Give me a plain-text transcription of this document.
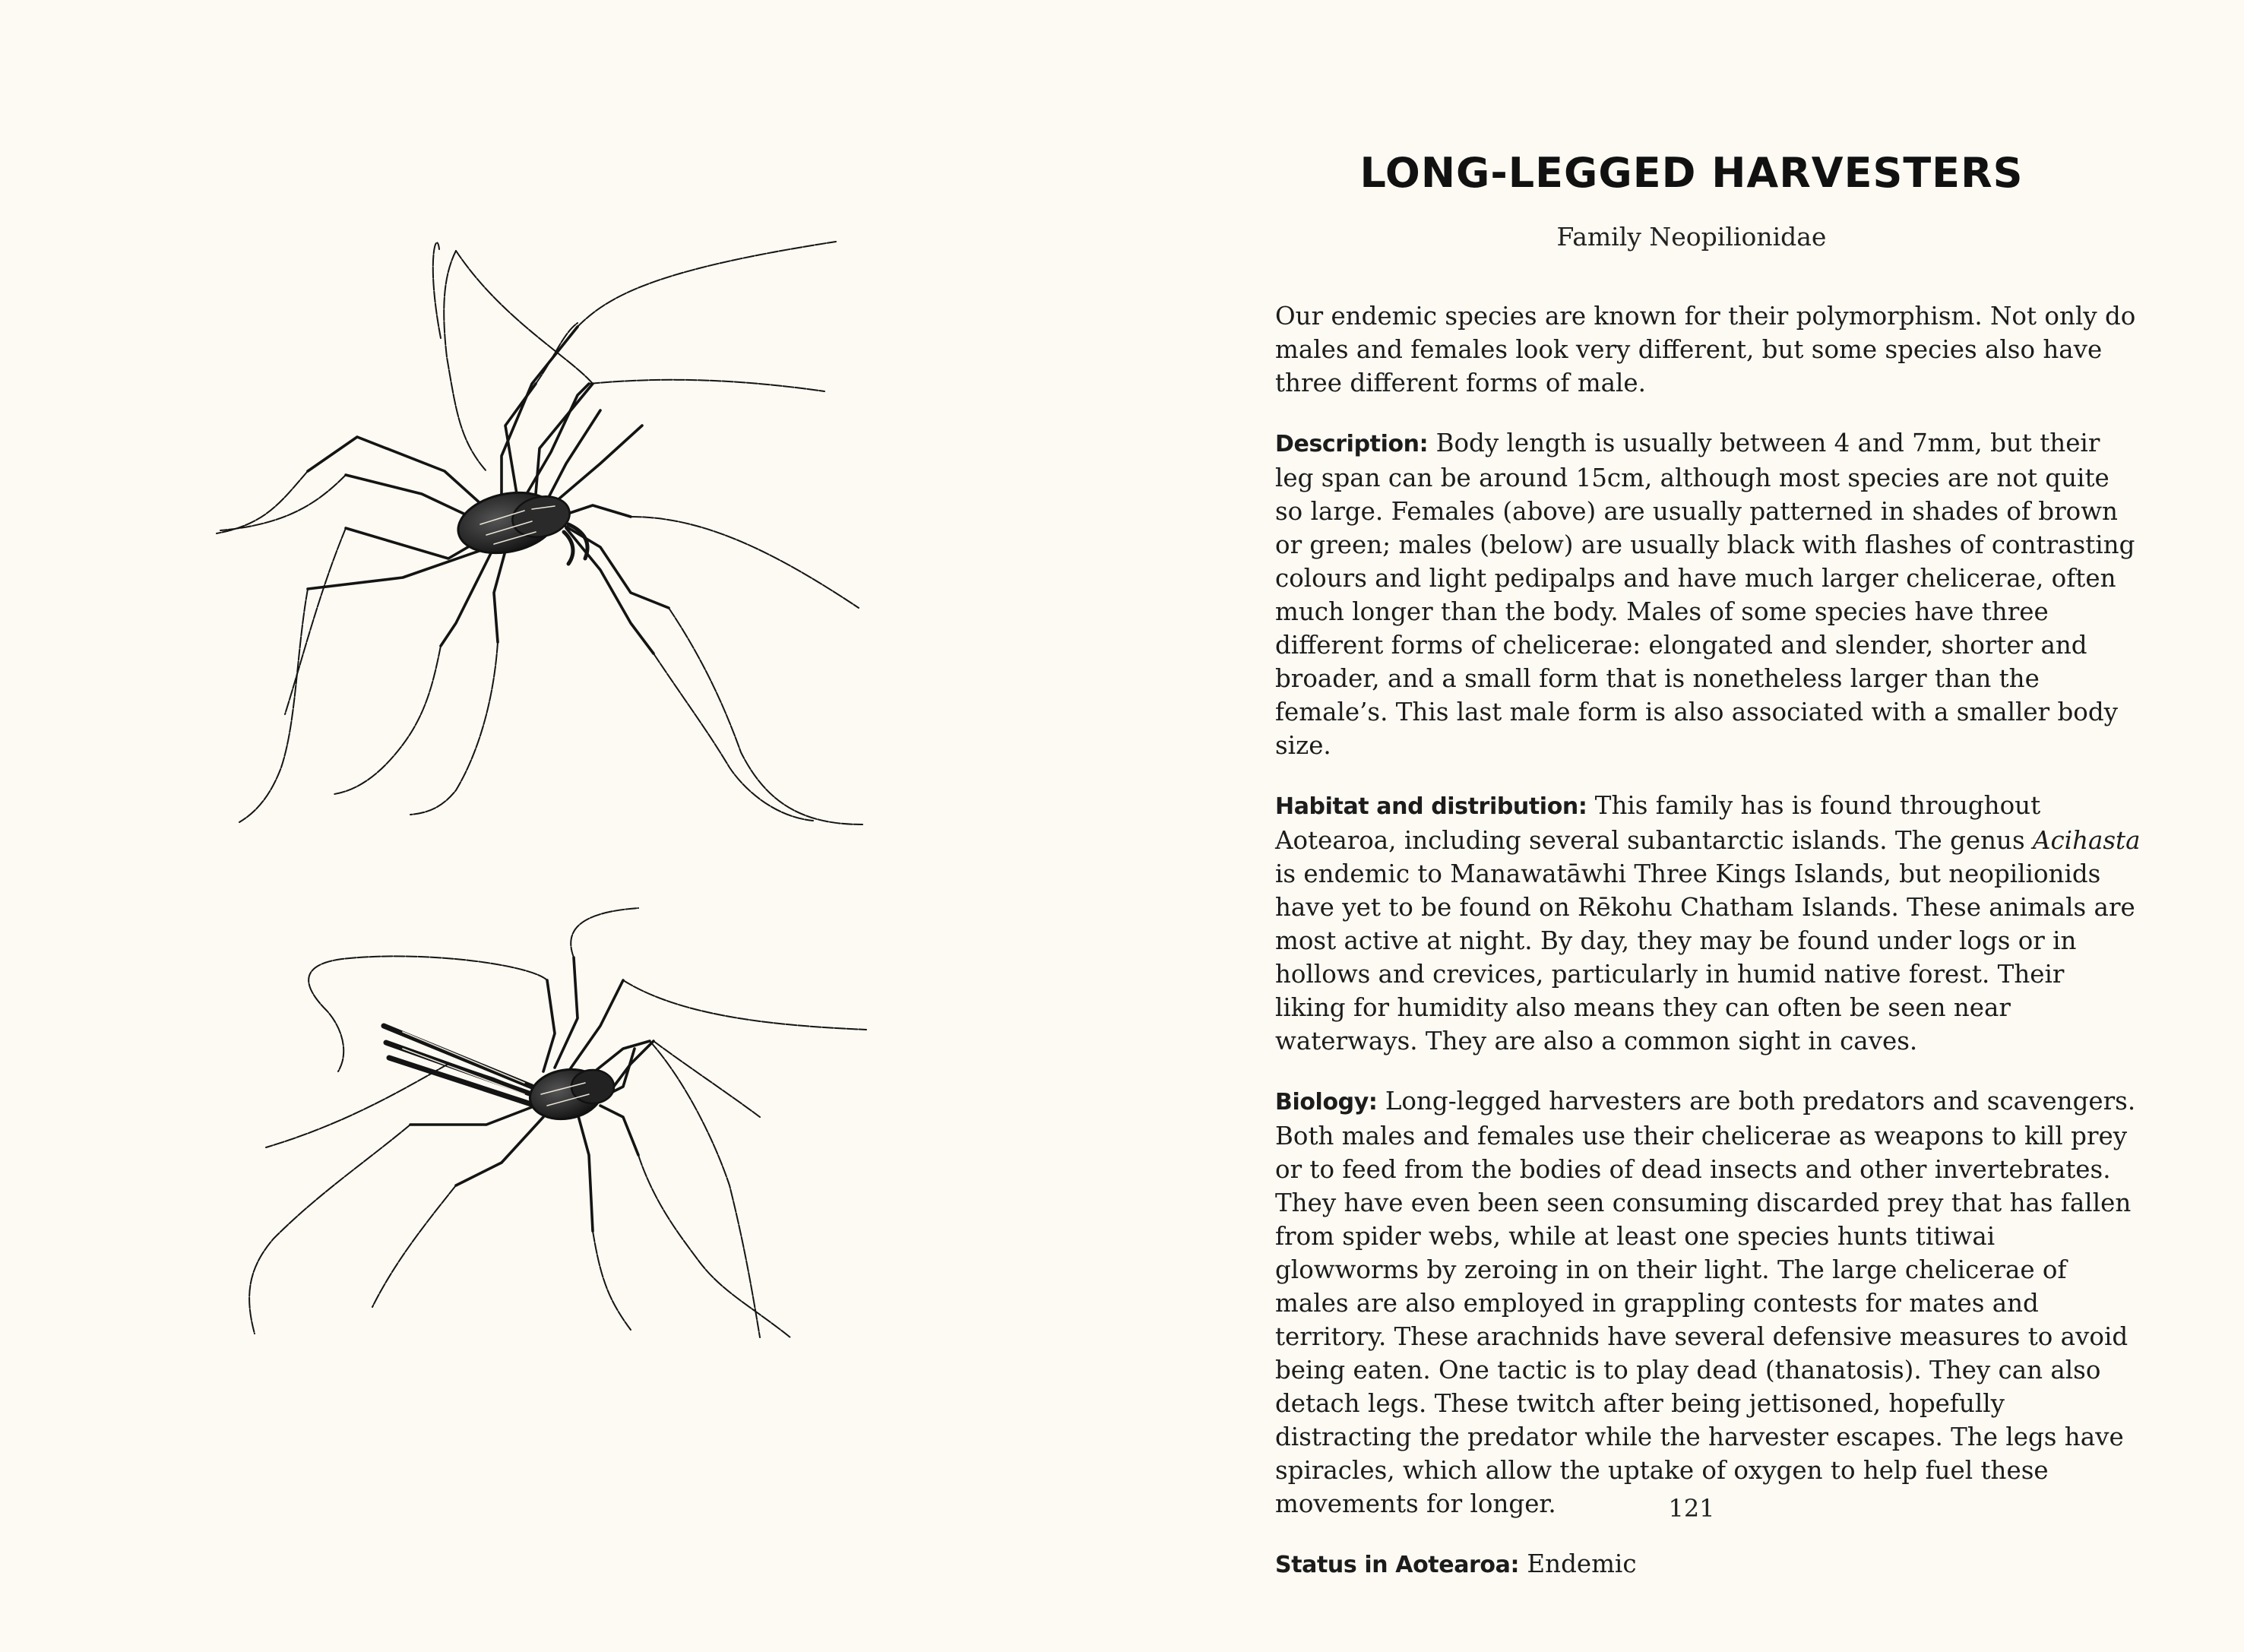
LONG-LEGGED HARVESTERS
Family Neopilionidae

Our endemic species are known for their polymorphism. Not only do males and females look very different, but some species also have three different forms of male.

Description: Body length is usually between 4 and 7mm, but their leg span can be around 15cm, although most species are not quite so large. Females (above) are usually patterned in shades of brown or green; males (below) are usually black with flashes of contrasting colours and light pedipalps and have much larger chelicerae, often much longer than the body. Males of some species have three different forms of chelicerae: elongated and slender, shorter and broader, and a small form that is nonetheless larger than the female’s. This last male form is also associated with a smaller body size.

Habitat and distribution: This family has is found throughout Aotearoa, including several subantarctic islands. The genus Acihasta is endemic to Manawatāwhi Three Kings Islands, but neopilionids have yet to be found on Rēkohu Chatham Islands. These animals are most active at night. By day, they may be found under logs or in hollows and crevices, particularly in humid native forest. Their liking for humidity also means they can often be seen near waterways. They are also a common sight in caves.

Biology: Long-legged harvesters are both predators and scavengers. Both males and females use their chelicerae as weapons to kill prey or to feed from the bodies of dead insects and other invertebrates. They have even been seen consuming discarded prey that has fallen from spider webs, while at least one species hunts titiwai glowworms by zeroing in on their light. The large chelicerae of males are also employed in grappling contests for mates and territory. These arachnids have several defensive measures to avoid being eaten. One tactic is to play dead (thanatosis). They can also detach legs. These twitch after being jettisoned, hopefully distracting the predator while the harvester escapes. The legs have spiracles, which allow the uptake of oxygen to help fuel these movements for longer.

Status in Aotearoa: Endemic

121
